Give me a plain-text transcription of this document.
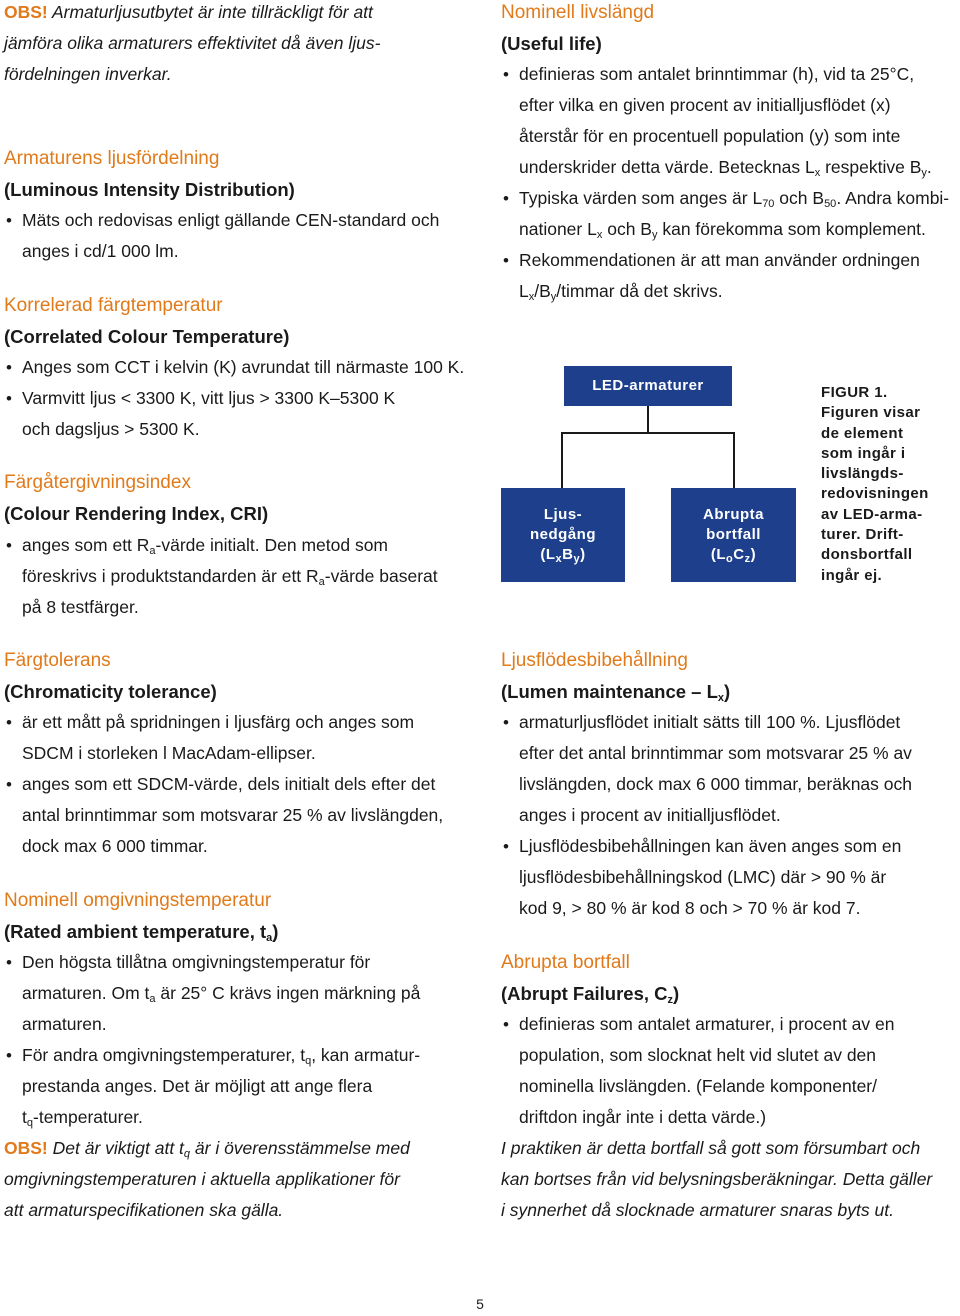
OBS! Armaturljusutbytet är inte tillräckligt för att
jämföra olika armaturers effektivitet då även ljus-
fördelningen inverkar.
Armaturens ljusfördelning
(Luminous Intensity Distribution)
• Mäts och redovisas enligt gällande CEN-standard och
anges i cd/1 000 lm.
Korrelerad färgtemperatur
(Correlated Colour Temperature)
• Anges som CCT i kelvin (K) avrundat till närmaste 100 K.
• Varmvitt ljus < 3300 K, vitt ljus > 3300 K–5300 K
och dagsljus > 5300 K.
Färgåtergivningsindex
(Colour Rendering Index, CRI)
• anges som ett $R_a$-värde initialt. Den metod som
föreskrivs i produktstandarden är ett $R_a$-värde baserat
på 8 testfärger.
Färgtolerans
(Chromaticity tolerance)
• är ett mått på spridningen i ljusfärg och anges som
SDCM i storleken l MacAdam-ellipser.
• anges som ett SDCM-värde, dels initialt dels efter det
antal brinntimmar som motsvarar 25 % av livslängden,
dock max 6 000 timmar.
Nominell omgivningstemperatur
(Rated ambient temperature, $t_a$)
• Den högsta tillåtna omgivningstemperatur för
armaturen. Om $t_a$ är 25° C krävs ingen märkning på
armaturen.
• För andra omgivningstemperaturer, $t_q$, kan armatur-
prestanda anges. Det är möjligt att ange flera
$t_q$-temperaturer.
OBS! Det är viktigt att $t_q$ är i överensstämmelse med
omgivningstemperaturen i aktuella applikationer för
att armaturspecifikationen ska gälla.
Nominell livslängd
(Useful life)
• definieras som antalet brinntimmar (h), vid ta 25°C,
efter vilka en given procent av initialljusflödet (x)
återstår för en procentuell population (y) som inte
underskrider detta värde. Betecknas $L_x$ respektive $B_y$.
• Typiska värden som anges är $L_{70}$ och $B_{50}$. Andra kombi-
nationer $L_x$ och $B_y$ kan förekomma som komplement.
• Rekommendationen är att man använder ordningen
$L_x/B_y$/timmar då det skrivs.
LED-armaturer
Ljus-
nedgång
$(L_xB_y)$
Abrupta
bortfall
$(L_oC_z)$
FIGUR 1.
Figuren visar
de element
som ingår i
livslängds-
redovisningen
av LED-arma-
turer. Drift-
donsbortfall
ingår ej.
Ljusflödesbibehållning
(Lumen maintenance – $L_x$)
• armaturljusflödet initialt sätts till 100 %. Ljusflödet
efter det antal brinntimmar som motsvarar 25 % av
livslängden, dock max 6 000 timmar, beräknas och
anges i procent av initialljusflödet.
• Ljusflödesbibehållningen kan även anges som en
ljusflödesbibehållningskod (LMC) där > 90 % är
kod 9, > 80 % är kod 8 och > 70 % är kod 7.
Abrupta bortfall
(Abrupt Failures, $C_z$)
• definieras som antalet armaturer, i procent av en
population, som slocknat helt vid slutet av den
nominella livslängden. (Felande komponenter/
driftdon ingår inte i detta värde.)
I praktiken är detta bortfall så gott som försumbart och
kan bortses från vid belysningsberäkningar. Detta gäller
i synnerhet då slocknade armaturer snaras byts ut.
5
